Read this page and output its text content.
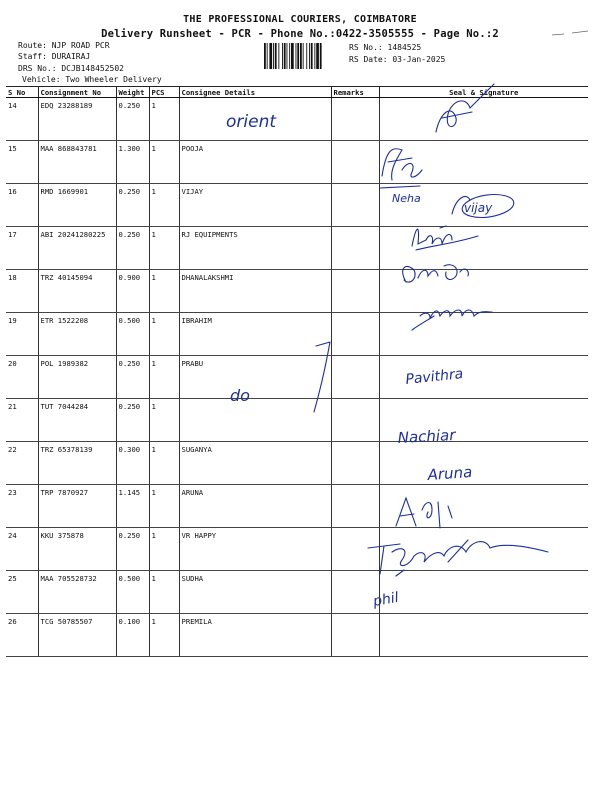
THE PROFESSIONAL COURIERS, COIMBATORE
Delivery Runsheet - PCR - Phone No.:0422-3505555 - Page No.:2
Route: NJP ROAD PCR
Staff: DURAIRAJ
DRS No.: DCJB148452502
Vehicle: Two Wheeler Delivery
RS No.: 1484525
RS Date: 03-Jan-2025
S No	Consignment No	Weight	PCS	Consignee Details	Remarks	Seal & Signature
14	EDQ 23288189	0.250	1			
15	MAA 868843781	1.300	1	POOJA		
16	RMD 1669901	0.250	1	VIJAY		
17	ABI 20241280225	0.250	1	RJ EQUIPMENTS		
18	TRZ 40145094	0.900	1	DHANALAKSHMI		
19	ETR 1522208	0.500	1	IBRAHIM		
20	POL 1989382	0.250	1	PRABU		
21	TUT 7044284	0.250	1			
22	TRZ 65378139	0.300	1	SUGANYA		
23	TRP 7870927	1.145	1	ARUNA		
24	KKU 375878	0.250	1	VR HAPPY		
25	MAA 705528732	0.500	1	SUDHA		
26	TCG 50785507	0.100	1	PREMILA		
orient
Neha
vijay
do
Pavithra
Nachiar
Aruna
phil
